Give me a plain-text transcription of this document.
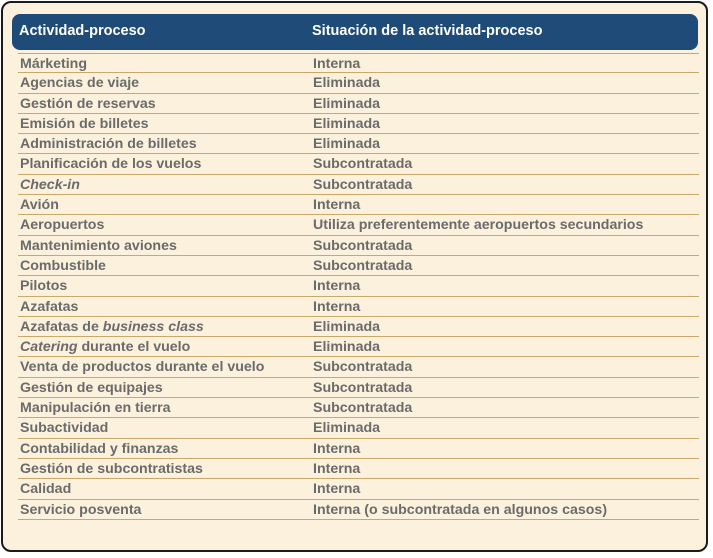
Actividad-proceso	Situación de la actividad-proceso
Márketing	Interna
Agencias de viaje	Eliminada
Gestión de reservas	Eliminada
Emisión de billetes	Eliminada
Administración de billetes	Eliminada
Planificación de los vuelos	Subcontratada
Check-in	Subcontratada
Avión	Interna
Aeropuertos	Utiliza preferentemente aeropuertos secundarios
Mantenimiento aviones	Subcontratada
Combustible	Subcontratada
Pilotos	Interna
Azafatas	Interna
Azafatas de business class	Eliminada
Catering durante el vuelo	Eliminada
Venta de productos durante el vuelo	Subcontratada
Gestión de equipajes	Subcontratada
Manipulación en tierra	Subcontratada
Subactividad	Eliminada
Contabilidad y finanzas	Interna
Gestión de subcontratistas	Interna
Calidad	Interna
Servicio posventa	Interna (o subcontratada en algunos casos)
